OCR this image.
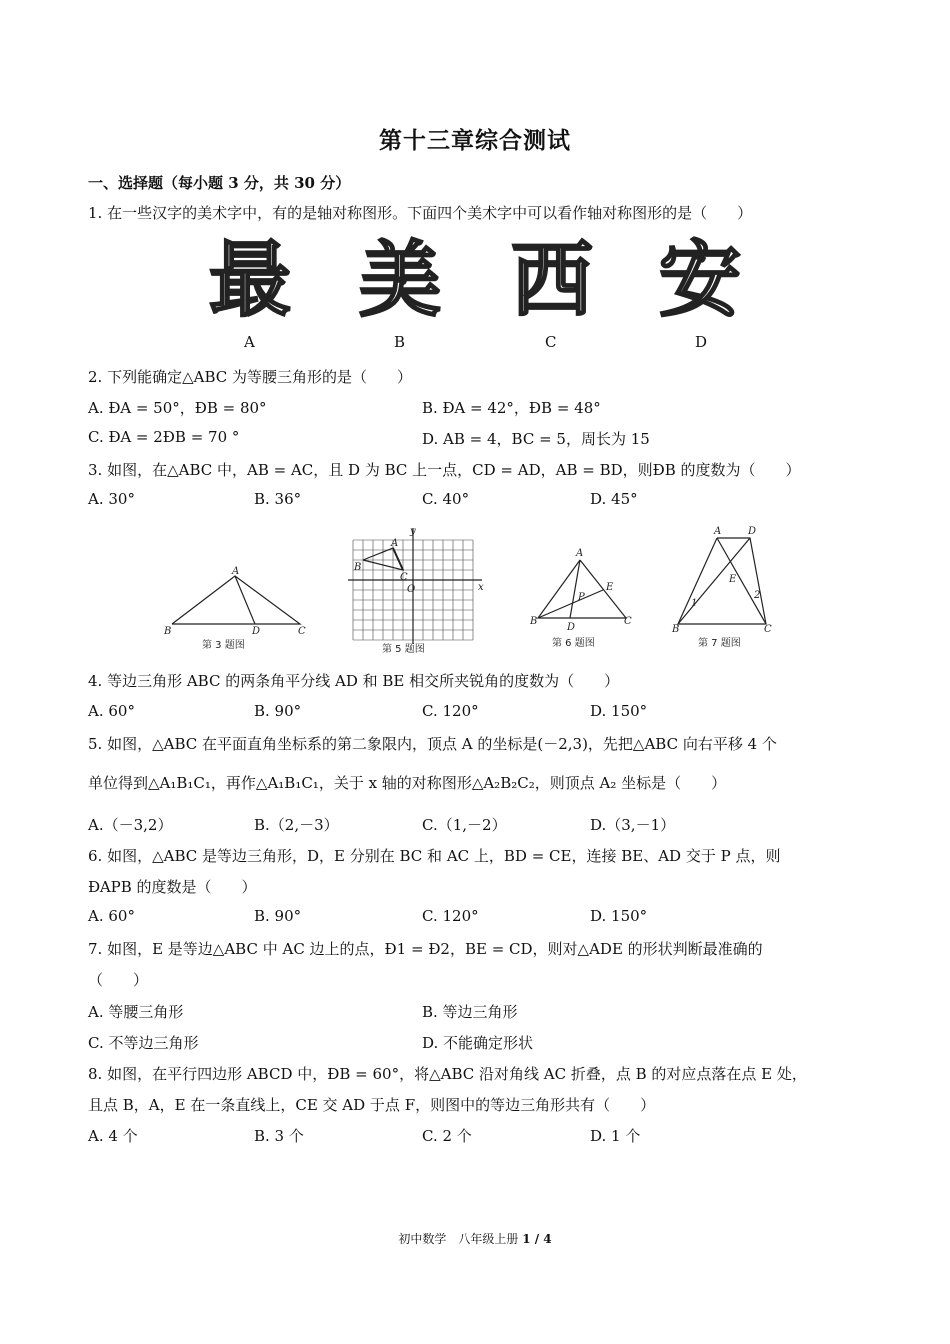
第十三章综合测试
一、选择题（每小题 3 分，共 30 分）
1. 在一些汉字的美术字中，有的是轴对称图形。下面四个美术字中可以看作轴对称图形的是（　　）
最 美 西 安
A	B	C	D
2. 下列能确定△ABC 为等腰三角形的是（　　）
A. ÐA = 50°，ÐB = 80°	B. ÐA = 42°，ÐB = 48°
C. ÐA = 2ÐB = 70 °	D. AB = 4，BC = 5，周长为 15
3. 如图，在△ABC 中，AB = AC，且 D 为 BC 上一点，CD = AD，AB = BD，则ÐB 的度数为（　　）
A. 30°	B. 36°	C. 40°	D. 45°
A
B	D	C
y
x
O
A
B
C
A
B
D
C
E
P
A	D
E
B	C
1
2
第 3 题图	第 5 题图
第 6 题图	第 7 题图
4. 等边三角形 ABC 的两条角平分线 AD 和 BE 相交所夹锐角的度数为（　　）
A. 60°	B. 90°	C. 120°	D. 150°
5. 如图，△ABC 在平面直角坐标系的第二象限内，顶点 A 的坐标是(－2,3)，先把△ABC 向右平移 4 个
单位得到△A₁B₁C₁，再作△A₁B₁C₁，关于 x 轴的对称图形△A₂B₂C₂，则顶点 A₂ 坐标是（　　）
A.（－3,2）	B.（2,－3）	C.（1,－2）	D.（3,－1）
6. 如图，△ABC 是等边三角形，D，E 分别在 BC 和 AC 上，BD = CE，连接 BE、AD 交于 P 点，则
ÐAPB 的度数是（　　）
A. 60°	B. 90°	C. 120°	D. 150°
7. 如图，E 是等边△ABC 中 AC 边上的点，Ð1 = Ð2，BE = CD，则对△ADE 的形状判断最准确的
（　　）
A. 等腰三角形	B. 等边三角形
C. 不等边三角形	D. 不能确定形状
8. 如图，在平行四边形 ABCD 中，ÐB = 60°，将△ABC 沿对角线 AC 折叠，点 B 的对应点落在点 E 处，
且点 B，A，E 在一条直线上，CE 交 AD 于点 F，则图中的等边三角形共有（　　）
A. 4 个	B. 3 个	C. 2 个	D. 1 个
初中数学　八年级上册 1 / 4
